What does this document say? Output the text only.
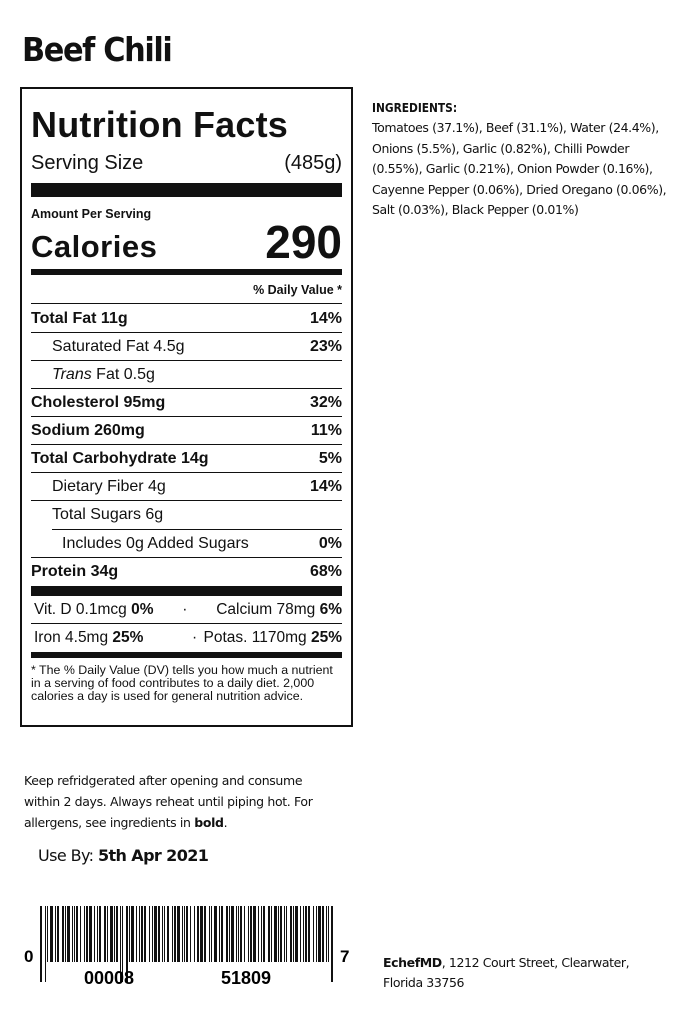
Beef Chili
Nutrition Facts
Serving Size	(485g)
Amount Per Serving
Calories 290
% Daily Value *
Total Fat 11g	14%
Saturated Fat 4.5g	23%
Trans Fat 0.5g
Cholesterol 95mg	32%
Sodium 260mg	11%
Total Carbohydrate 14g	5%
Dietary Fiber 4g	14%
Total Sugars 6g
Includes 0g Added Sugars	0%
Protein 34g	68%
Vit. D 0.1mcg 0% · Calcium 78mg 6%
Iron 4.5mg 25%	· Potas. 1170mg 25%
* The % Daily Value (DV) tells you how much a nutrient in a serving of food contributes to a daily diet. 2,000 calories a day is used for general nutrition advice.
INGREDIENTS:
Tomatoes (37.1%), Beef (31.1%), Water (24.4%), Onions (5.5%), Garlic (0.82%), Chilli Powder (0.55%), Garlic (0.21%), Onion Powder (0.16%), Cayenne Pepper (0.06%), Dried Oregano (0.06%), Salt (0.03%), Black Pepper (0.01%)
Keep refridgerated after opening and consume within 2 days. Always reheat until piping hot. For allergens, see ingredients in bold.
Use By: 5th Apr 2021
0
00008	51809
7	EchefMD, 1212 Court Street, Clearwater, Florida 33756
